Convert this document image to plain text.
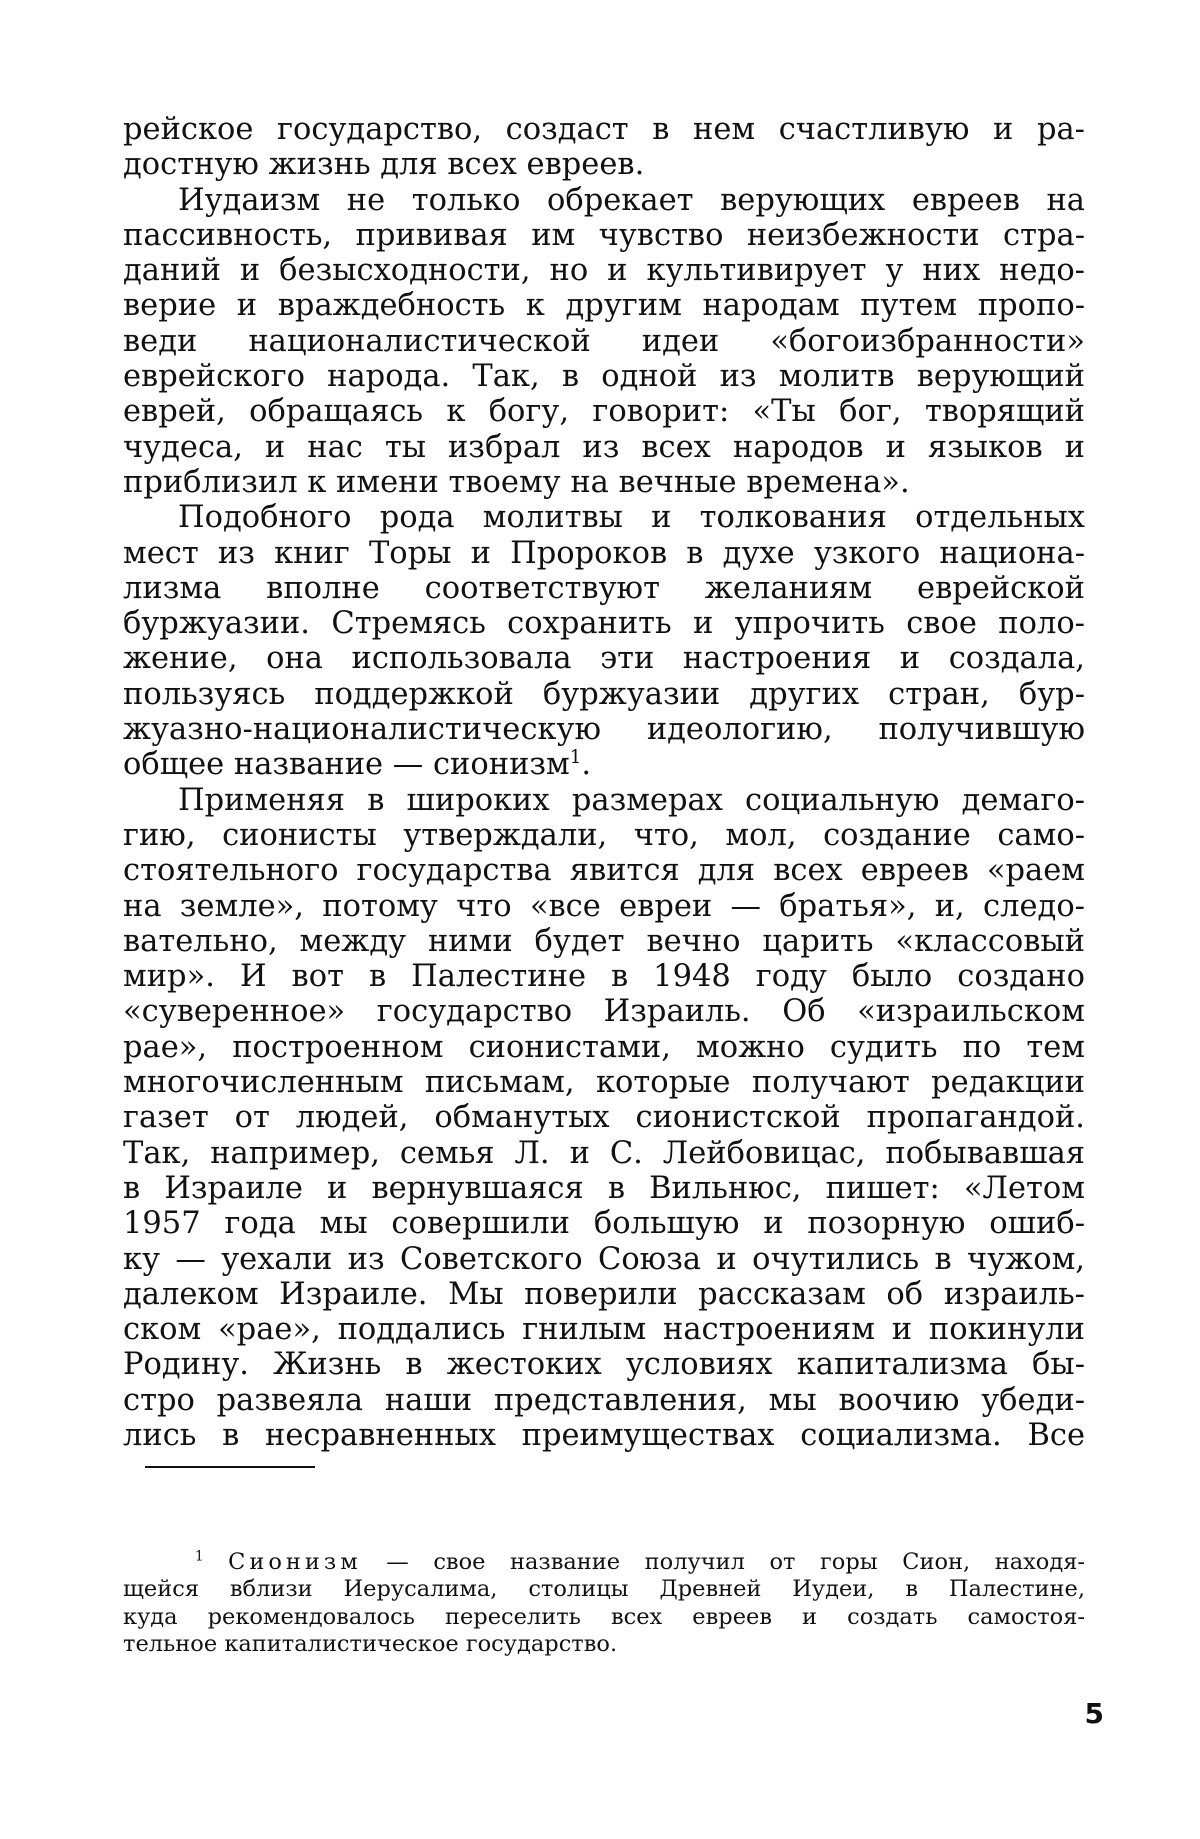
рейское государство, создаст в нем счастливую и ра-
достную жизнь для всех евреев.
Иудаизм не только обрекает верующих евреев на
пассивность, прививая им чувство неизбежности стра-
даний и безысходности, но и культивирует у них недо-
верие и враждебность к другим народам путем пропо-
веди националистической идеи «богоизбранности»
еврейского народа. Так, в одной из молитв верующий
еврей, обращаясь к богу, говорит: «Ты бог, творящий
чудеса, и нас ты избрал из всех народов и языков и
приблизил к имени твоему на вечные времена».
Подобного рода молитвы и толкования отдельных
мест из книг Торы и Пророков в духе узкого национа-
лизма вполне соответствуют желаниям еврейской
буржуазии. Стремясь сохранить и упрочить свое поло-
жение, она использовала эти настроения и создала,
пользуясь поддержкой буржуазии других стран, бур-
жуазно-националистическую идеологию, получившую
общее название — сионизм$^1$.
Применяя в широких размерах социальную демаго-
гию, сионисты утверждали, что, мол, создание само-
стоятельного государства явится для всех евреев «раем
на земле», потому что «все евреи — братья», и, следо-
вательно, между ними будет вечно царить «классовый
мир». И вот в Палестине в 1948 году было создано
«суверенное» государство Израиль. Об «израильском
рае», построенном сионистами, можно судить по тем
многочисленным письмам, которые получают редакции
газет от людей, обманутых сионистской пропагандой.
Так, например, семья Л. и С. Лейбовицас, побывавшая
в Израиле и вернувшаяся в Вильнюс, пишет: «Летом
1957 года мы совершили большую и позорную ошиб-
ку — уехали из Советского Союза и очутились в чужом,
далеком Израиле. Мы поверили рассказам об израиль-
ском «рае», поддались гнилым настроениям и покинули
Родину. Жизнь в жестоких условиях капитализма бы-
стро развеяла наши представления, мы воочию убеди-
лись в несравненных преимуществах социализма. Все
$^1$ Сионизм — свое название получил от горы Сион, находя-
щейся вблизи Иерусалима, столицы Древней Иудеи, в Палестине,
куда рекомендовалось переселить всех евреев и создать самостоя-
тельное капиталистическое государство.
5
